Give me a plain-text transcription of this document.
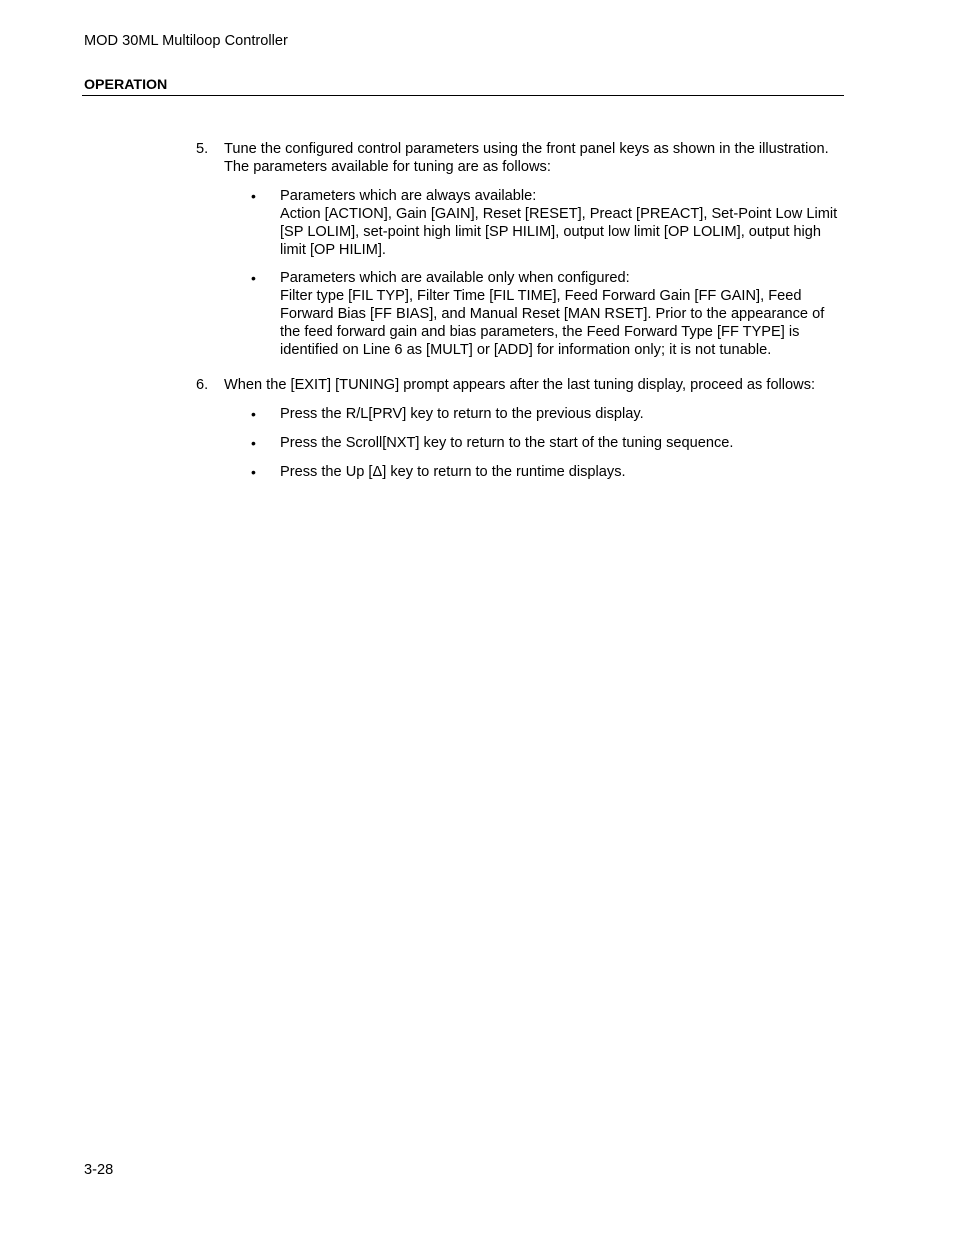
MOD 30ML Multiloop Controller
OPERATION
5. Tune the configured control parameters using the front panel keys as shown in the illustration. The parameters available for tuning are as follows:
• Parameters which are always available:
Action [ACTION], Gain [GAIN], Reset [RESET], Preact [PREACT], Set-Point Low Limit [SP LOLIM], set-point high limit [SP HILIM], output low limit [OP LOLIM], output high limit [OP HILIM].
• Parameters which are available only when configured:
Filter type [FIL TYP], Filter Time [FIL TIME], Feed Forward Gain [FF GAIN], Feed Forward Bias [FF BIAS], and Manual Reset [MAN RSET]. Prior to the appearance of the feed forward gain and bias parameters, the Feed Forward Type [FF TYPE] is identified on Line 6 as [MULT] or [ADD] for information only; it is not tunable.
6. When the [EXIT] [TUNING] prompt appears after the last tuning display, proceed as follows:
• Press the R/L[PRV] key to return to the previous display.
• Press the Scroll[NXT] key to return to the start of the tuning sequence.
• Press the Up [Δ] key to return to the runtime displays.
3-28
